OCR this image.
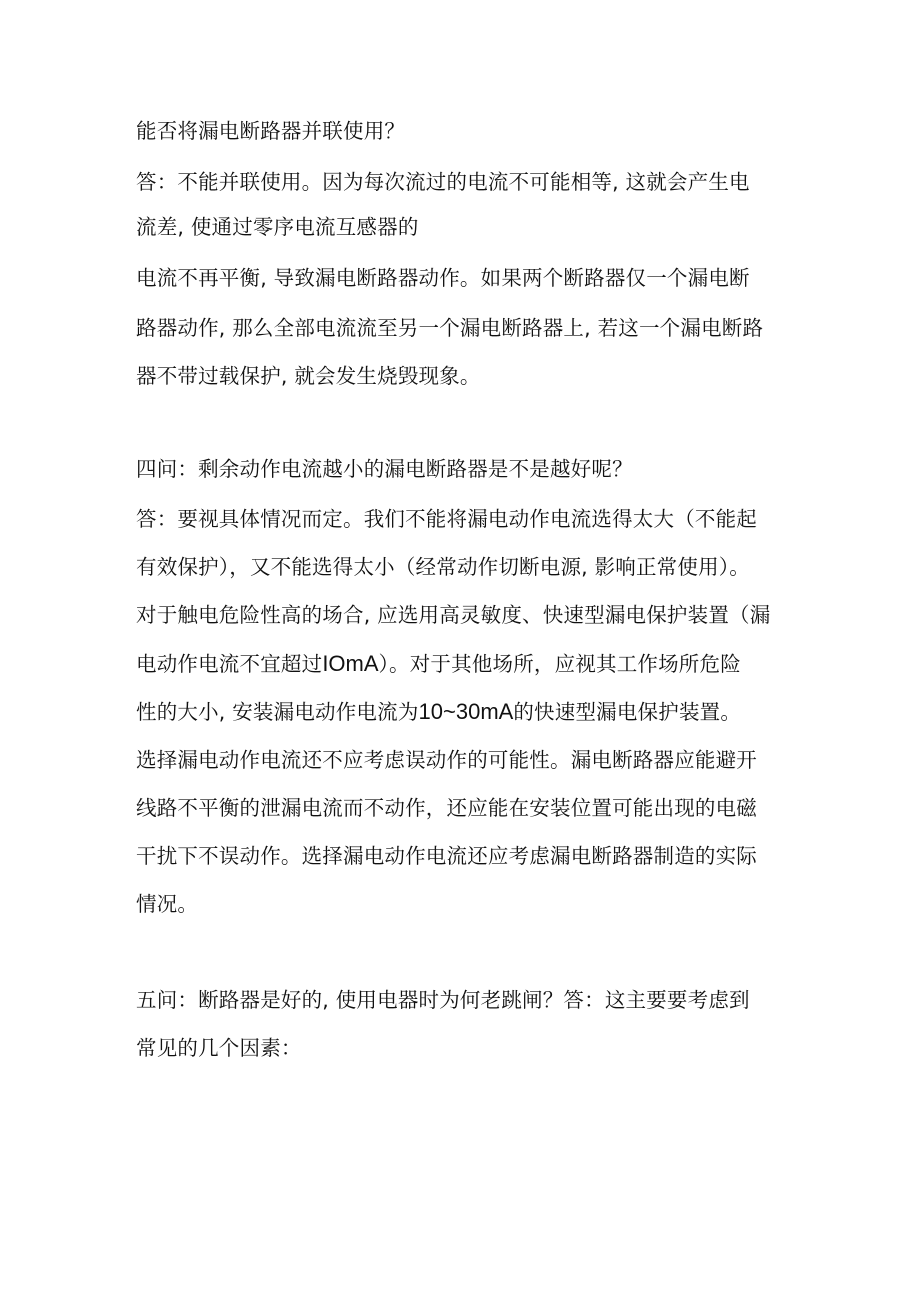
能否将漏电断路器并联使用？
答：不能并联使用。因为每次流过的电流不可能相等, 这就会产生电
流差, 使通过零序电流互感器的
电流不再平衡, 导致漏电断路器动作。如果两个断路器仅一个漏电断
路器动作, 那么全部电流流至另一个漏电断路器上, 若这一个漏电断路
器不带过载保护, 就会发生烧毁现象。
四问：剩余动作电流越小的漏电断路器是不是越好呢？
答：要视具体情况而定。我们不能将漏电动作电流选得太大（不能起
有效保护），又不能选得太小（经常动作切断电源, 影响正常使用）。
对于触电危险性高的场合, 应选用高灵敏度、快速型漏电保护装置（漏
电动作电流不宜超过IOmA）。对于其他场所，应视其工作场所危险
性的大小, 安装漏电动作电流为10~30mA的快速型漏电保护装置。
选择漏电动作电流还不应考虑误动作的可能性。漏电断路器应能避开
线路不平衡的泄漏电流而不动作，还应能在安装位置可能出现的电磁
干扰下不误动作。选择漏电动作电流还应考虑漏电断路器制造的实际
情况。
五问：断路器是好的, 使用电器时为何老跳闸？答：这主要要考虑到
常见的几个因素：
